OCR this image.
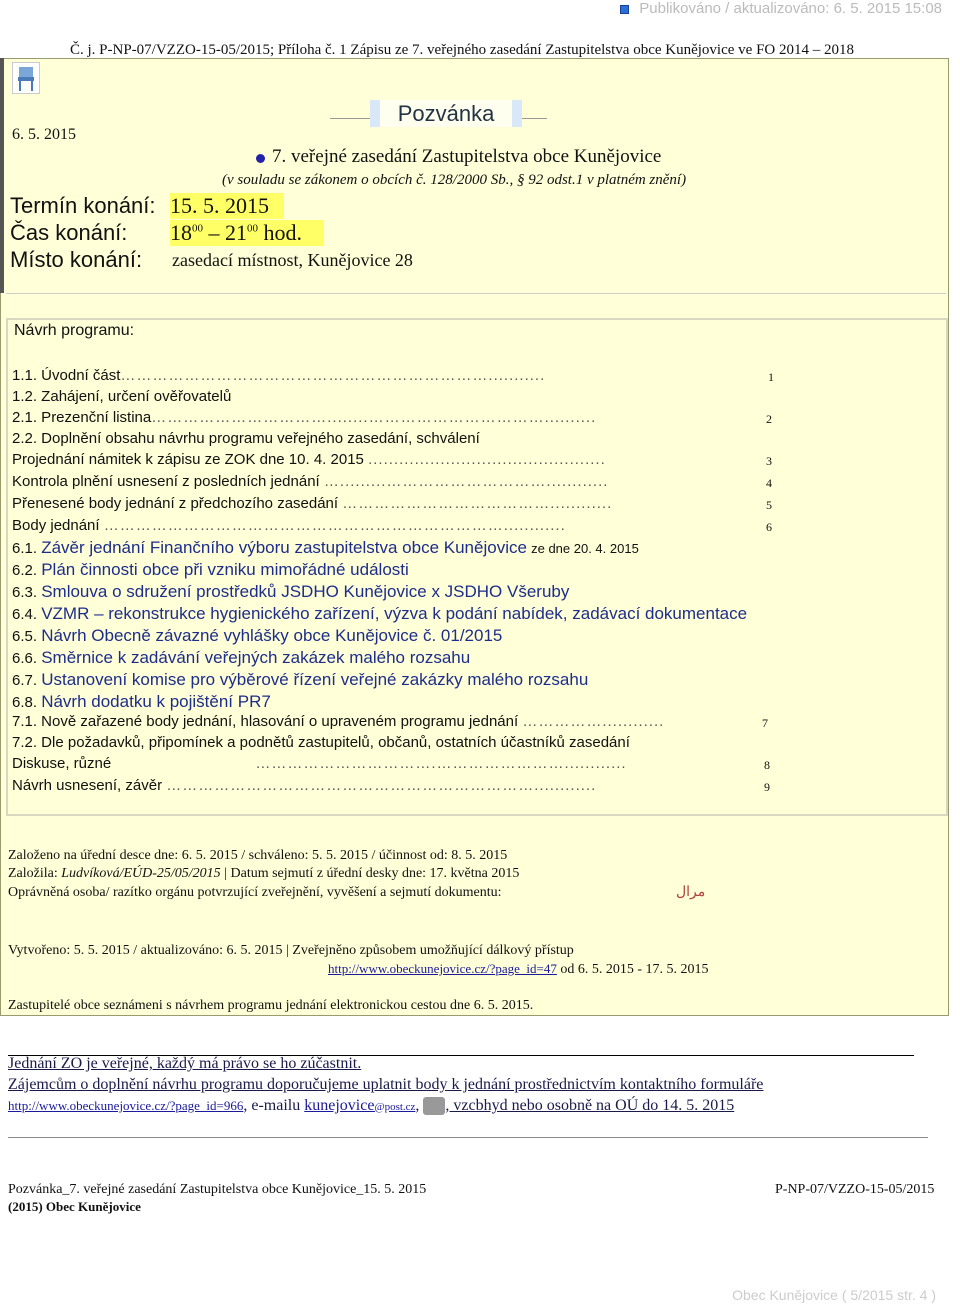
Publikováno / aktualizováno: 6. 5. 2015 15:08
Č. j. P-NP-07/VZZO-15-05/2015; Příloha č. 1 Zápisu ze 7. veřejného zasedání Zastupitelstva obce Kunějovice ve FO 2014 – 2018
Pozvánka
6. 5. 2015
7. veřejné zasedání Zastupitelstva obce Kunějovice
(v souladu se zákonem o obcích č. 128/2000 Sb., § 92 odst.1 v platném znění)
Termín konání: 15. 5. 2015
Čas konání: $18^{00} - 21^{00}$ hod.
Místo konání: zasedací místnost, Kunějovice 28
Návrh programu:
1.1. Úvodní část……………………………………………………………...........	1
1.2. Zahájení, určení ověřovatelů
2.1. Prezenční listina……………………………........……………………………..........	2
2.2. Doplnění obsahu návrhu programu veřejného zasedání, schválení
Projednání námitek k zápisu ze ZOK dne 10. 4. 2015 ..............................................	3
Kontrola plnění usnesení z posledních jednání ….........…………………………............	4
Přenesené body jednání z předchozího zasedání …………………………………............	5
Body jednání …………………………………………………………………............	6
6.1. Závěr jednání Finančního výboru zastupitelstva obce Kunějovice ze dne 20. 4. 2015
6.2. Plán činnosti obce při vzniku mimořádné události
6.3. Smlouva o sdružení prostředků JSDHO Kunějovice x JSDHO Všeruby
6.4. VZMR – rekonstrukce hygienického zařízení, výzva k podání nabídek, zadávací dokumentace
6.5. Návrh Obecně závazné vyhlášky obce Kunějovice č. 01/2015
6.6. Směrnice k zadávání veřejných zakázek malého rozsahu
6.7. Ustanovení komise pro výběrové řízení veřejné zakázky malého rozsahu
6.8. Návrh dodatku k pojištění PR7
7.1. Nově zařazené body jednání, hlasování o upraveném programu jednání ……………............	7
7.2. Dle požadavků, připomínek a podnětů zastupitelů, občanů, ostatních účastníků zasedání
Diskuse, různé	…………………………….……………………............	8
Návrh usnesení, závěr ……………………………………………………………............	9
Založeno na úřední desce dne: 6. 5. 2015 / schváleno: 5. 5. 2015 / účinnost od: 8. 5. 2015
Založila: Ludvíková/EÚD-25/05/2015 | Datum sejmutí z úřední desky dne: 17. května 2015
Oprávněná osoba/ razítko orgánu potvrzující zveřejnění, vyvěšení a sejmutí dokumentu:	مرال
Vytvořeno: 5. 5. 2015 / aktualizováno: 6. 5. 2015 | Zveřejněno způsobem umožňující dálkový přístup
http://www.obeckunejovice.cz/?page_id=47 od 6. 5. 2015 - 17. 5. 2015
Zastupitelé obce seznámeni s návrhem programu jednání elektronickou cestou dne 6. 5. 2015.
Jednání ZO je veřejné, každý má právo se ho zúčastnit.
Zájemcům o doplnění návrhu programu doporučujeme uplatnit body k jednání prostřednictvím kontaktního formuláře
http://www.obeckunejovice.cz/?page_id=966, e-mailu kunejovice@post.cz, , vzcbhyd nebo osobně na OÚ do 14. 5. 2015
Pozvánka_7. veřejné zasedání Zastupitelstva obce Kunějovice_15. 5. 2015
(2015) Obec Kunějovice
P-NP-07/VZZO-15-05/2015
Obec Kunějovice ( 5/2015 str. 4 )
